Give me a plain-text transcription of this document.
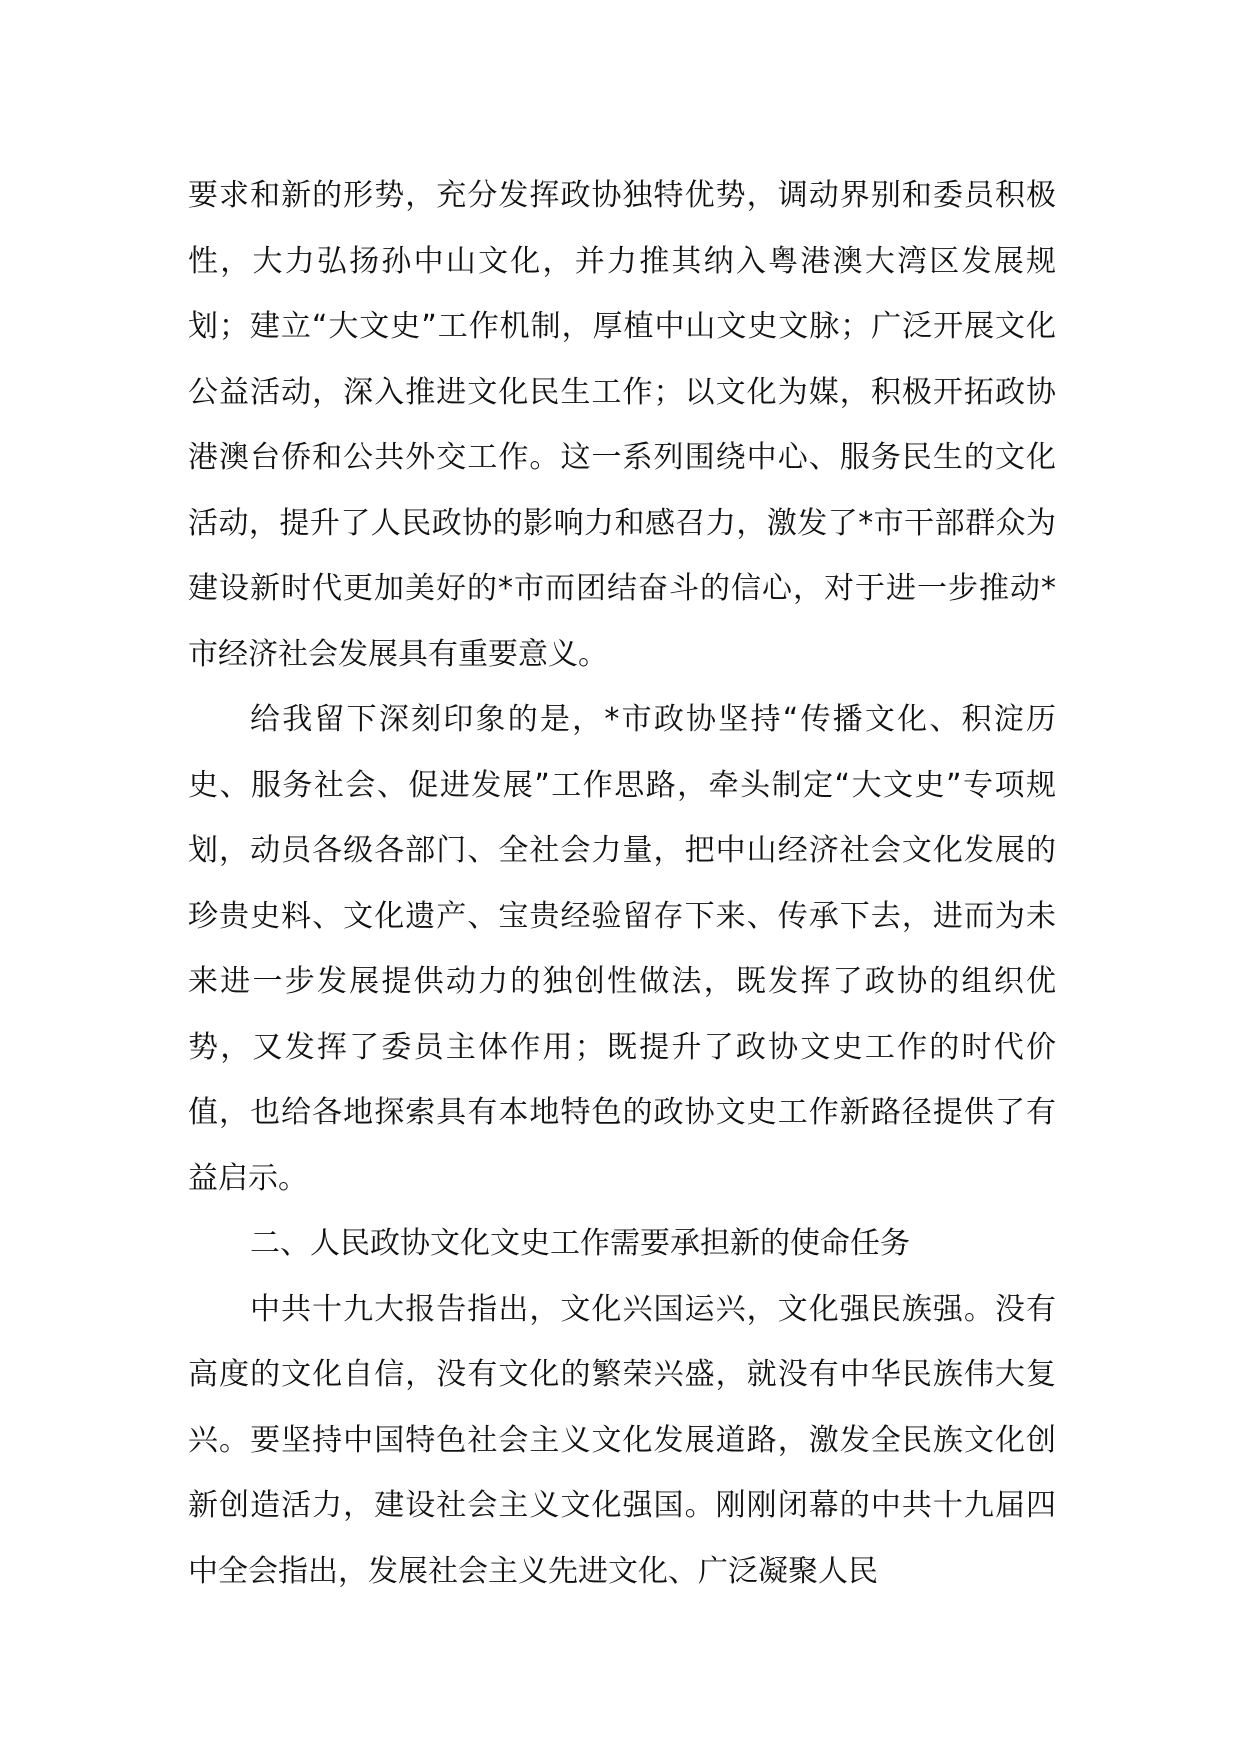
要求和新的形势，充分发挥政协独特优势，调动界别和委员积极性，大力弘扬孙中山文化，并力推其纳入粤港澳大湾区发展规划；建立“大文史”工作机制，厚植中山文史文脉；广泛开展文化公益活动，深入推进文化民生工作；以文化为媒，积极开拓政协港澳台侨和公共外交工作。这一系列围绕中心、服务民生的文化活动，提升了人民政协的影响力和感召力，激发了*市干部群众为建设新时代更加美好的*市而团结奋斗的信心，对于进一步推动*市经济社会发展具有重要意义。

给我留下深刻印象的是，*市政协坚持“传播文化、积淀历史、服务社会、促进发展”工作思路，牵头制定“大文史”专项规划，动员各级各部门、全社会力量，把中山经济社会文化发展的珍贵史料、文化遗产、宝贵经验留存下来、传承下去，进而为未来进一步发展提供动力的独创性做法，既发挥了政协的组织优势，又发挥了委员主体作用；既提升了政协文史工作的时代价值，也给各地探索具有本地特色的政协文史工作新路径提供了有益启示。

二、人民政协文化文史工作需要承担新的使命任务

中共十九大报告指出，文化兴国运兴，文化强民族强。没有高度的文化自信，没有文化的繁荣兴盛，就没有中华民族伟大复兴。要坚持中国特色社会主义文化发展道路，激发全民族文化创新创造活力，建设社会主义文化强国。刚刚闭幕的中共十九届四中全会指出，发展社会主义先进文化、广泛凝聚人民
